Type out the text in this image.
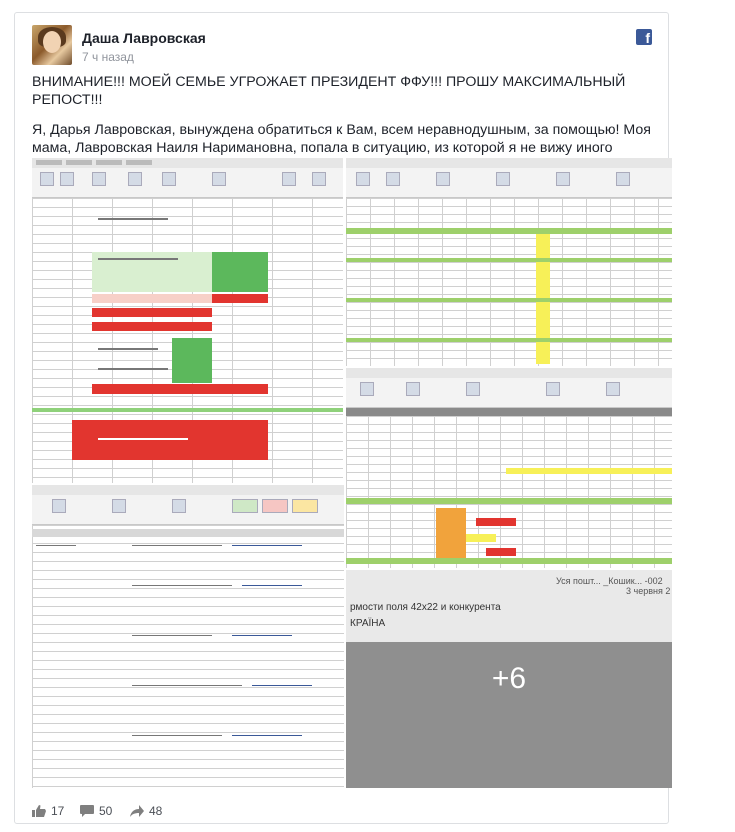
Даша Лавровская
7 ч назад
f

ВНИМАНИЕ!!! МОЕЙ СЕМЬЕ УГРОЖАЕТ ПРЕЗИДЕНТ ФФУ!!! ПРОШУ МАКСИМАЛЬНЫЙ РЕПОСТ!!!

Я, Дарья Лавровская, вынуждена обратиться к Вам, всем неравнодушным, за помощью! Моя мама, Лавровская Наиля Наримановна, попала в ситуацию, из которой я не вижу иного

Уся пошт... _Кошик... -002
3 червня 2
рмости поля 42х22 и конкурента
КРАЇНА
+6
17	50	48
